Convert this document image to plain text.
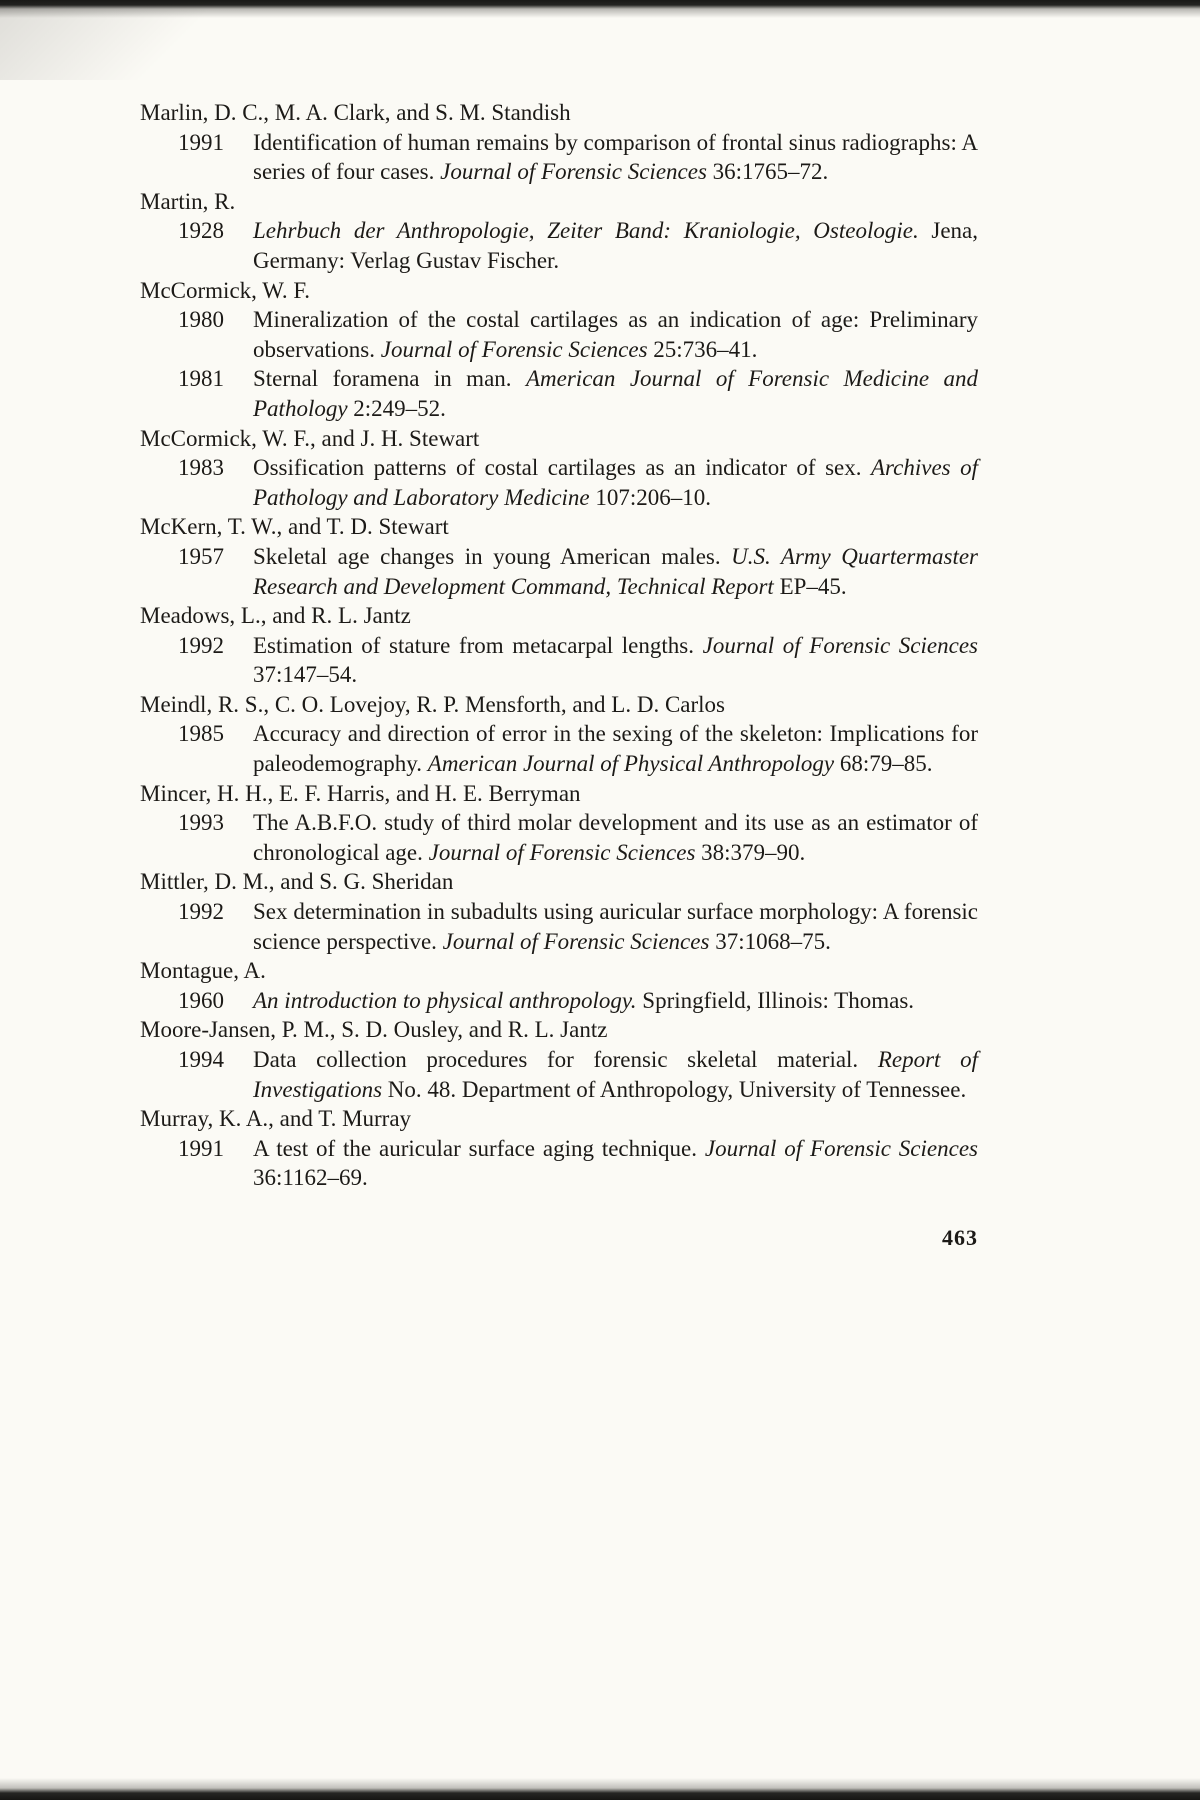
Marlin, D. C., M. A. Clark, and S. M. Standish
1991 Identification of human remains by comparison of frontal sinus radiographs: A series of four cases. Journal of Forensic Sciences 36:1765–72.
Martin, R.
1928 Lehrbuch der Anthropologie, Zeiter Band: Kraniologie, Osteologie. Jena, Germany: Verlag Gustav Fischer.
McCormick, W. F.
1980 Mineralization of the costal cartilages as an indication of age: Preliminary observations. Journal of Forensic Sciences 25:736–41.
1981 Sternal foramena in man. American Journal of Forensic Medicine and Pathology 2:249–52.
McCormick, W. F., and J. H. Stewart
1983 Ossification patterns of costal cartilages as an indicator of sex. Archives of Pathology and Laboratory Medicine 107:206–10.
McKern, T. W., and T. D. Stewart
1957 Skeletal age changes in young American males. U.S. Army Quartermaster Research and Development Command, Technical Report EP–45.
Meadows, L., and R. L. Jantz
1992 Estimation of stature from metacarpal lengths. Journal of Forensic Sciences 37:147–54.
Meindl, R. S., C. O. Lovejoy, R. P. Mensforth, and L. D. Carlos
1985 Accuracy and direction of error in the sexing of the skeleton: Implications for paleodemography. American Journal of Physical Anthropology 68:79–85.
Mincer, H. H., E. F. Harris, and H. E. Berryman
1993 The A.B.F.O. study of third molar development and its use as an estimator of chronological age. Journal of Forensic Sciences 38:379–90.
Mittler, D. M., and S. G. Sheridan
1992 Sex determination in subadults using auricular surface morphology: A forensic science perspective. Journal of Forensic Sciences 37:1068–75.
Montague, A.
1960 An introduction to physical anthropology. Springfield, Illinois: Thomas.
Moore-Jansen, P. M., S. D. Ousley, and R. L. Jantz
1994 Data collection procedures for forensic skeletal material. Report of Investigations No. 48. Department of Anthropology, University of Tennessee.
Murray, K. A., and T. Murray
1991 A test of the auricular surface aging technique. Journal of Forensic Sciences 36:1162–69.
463
